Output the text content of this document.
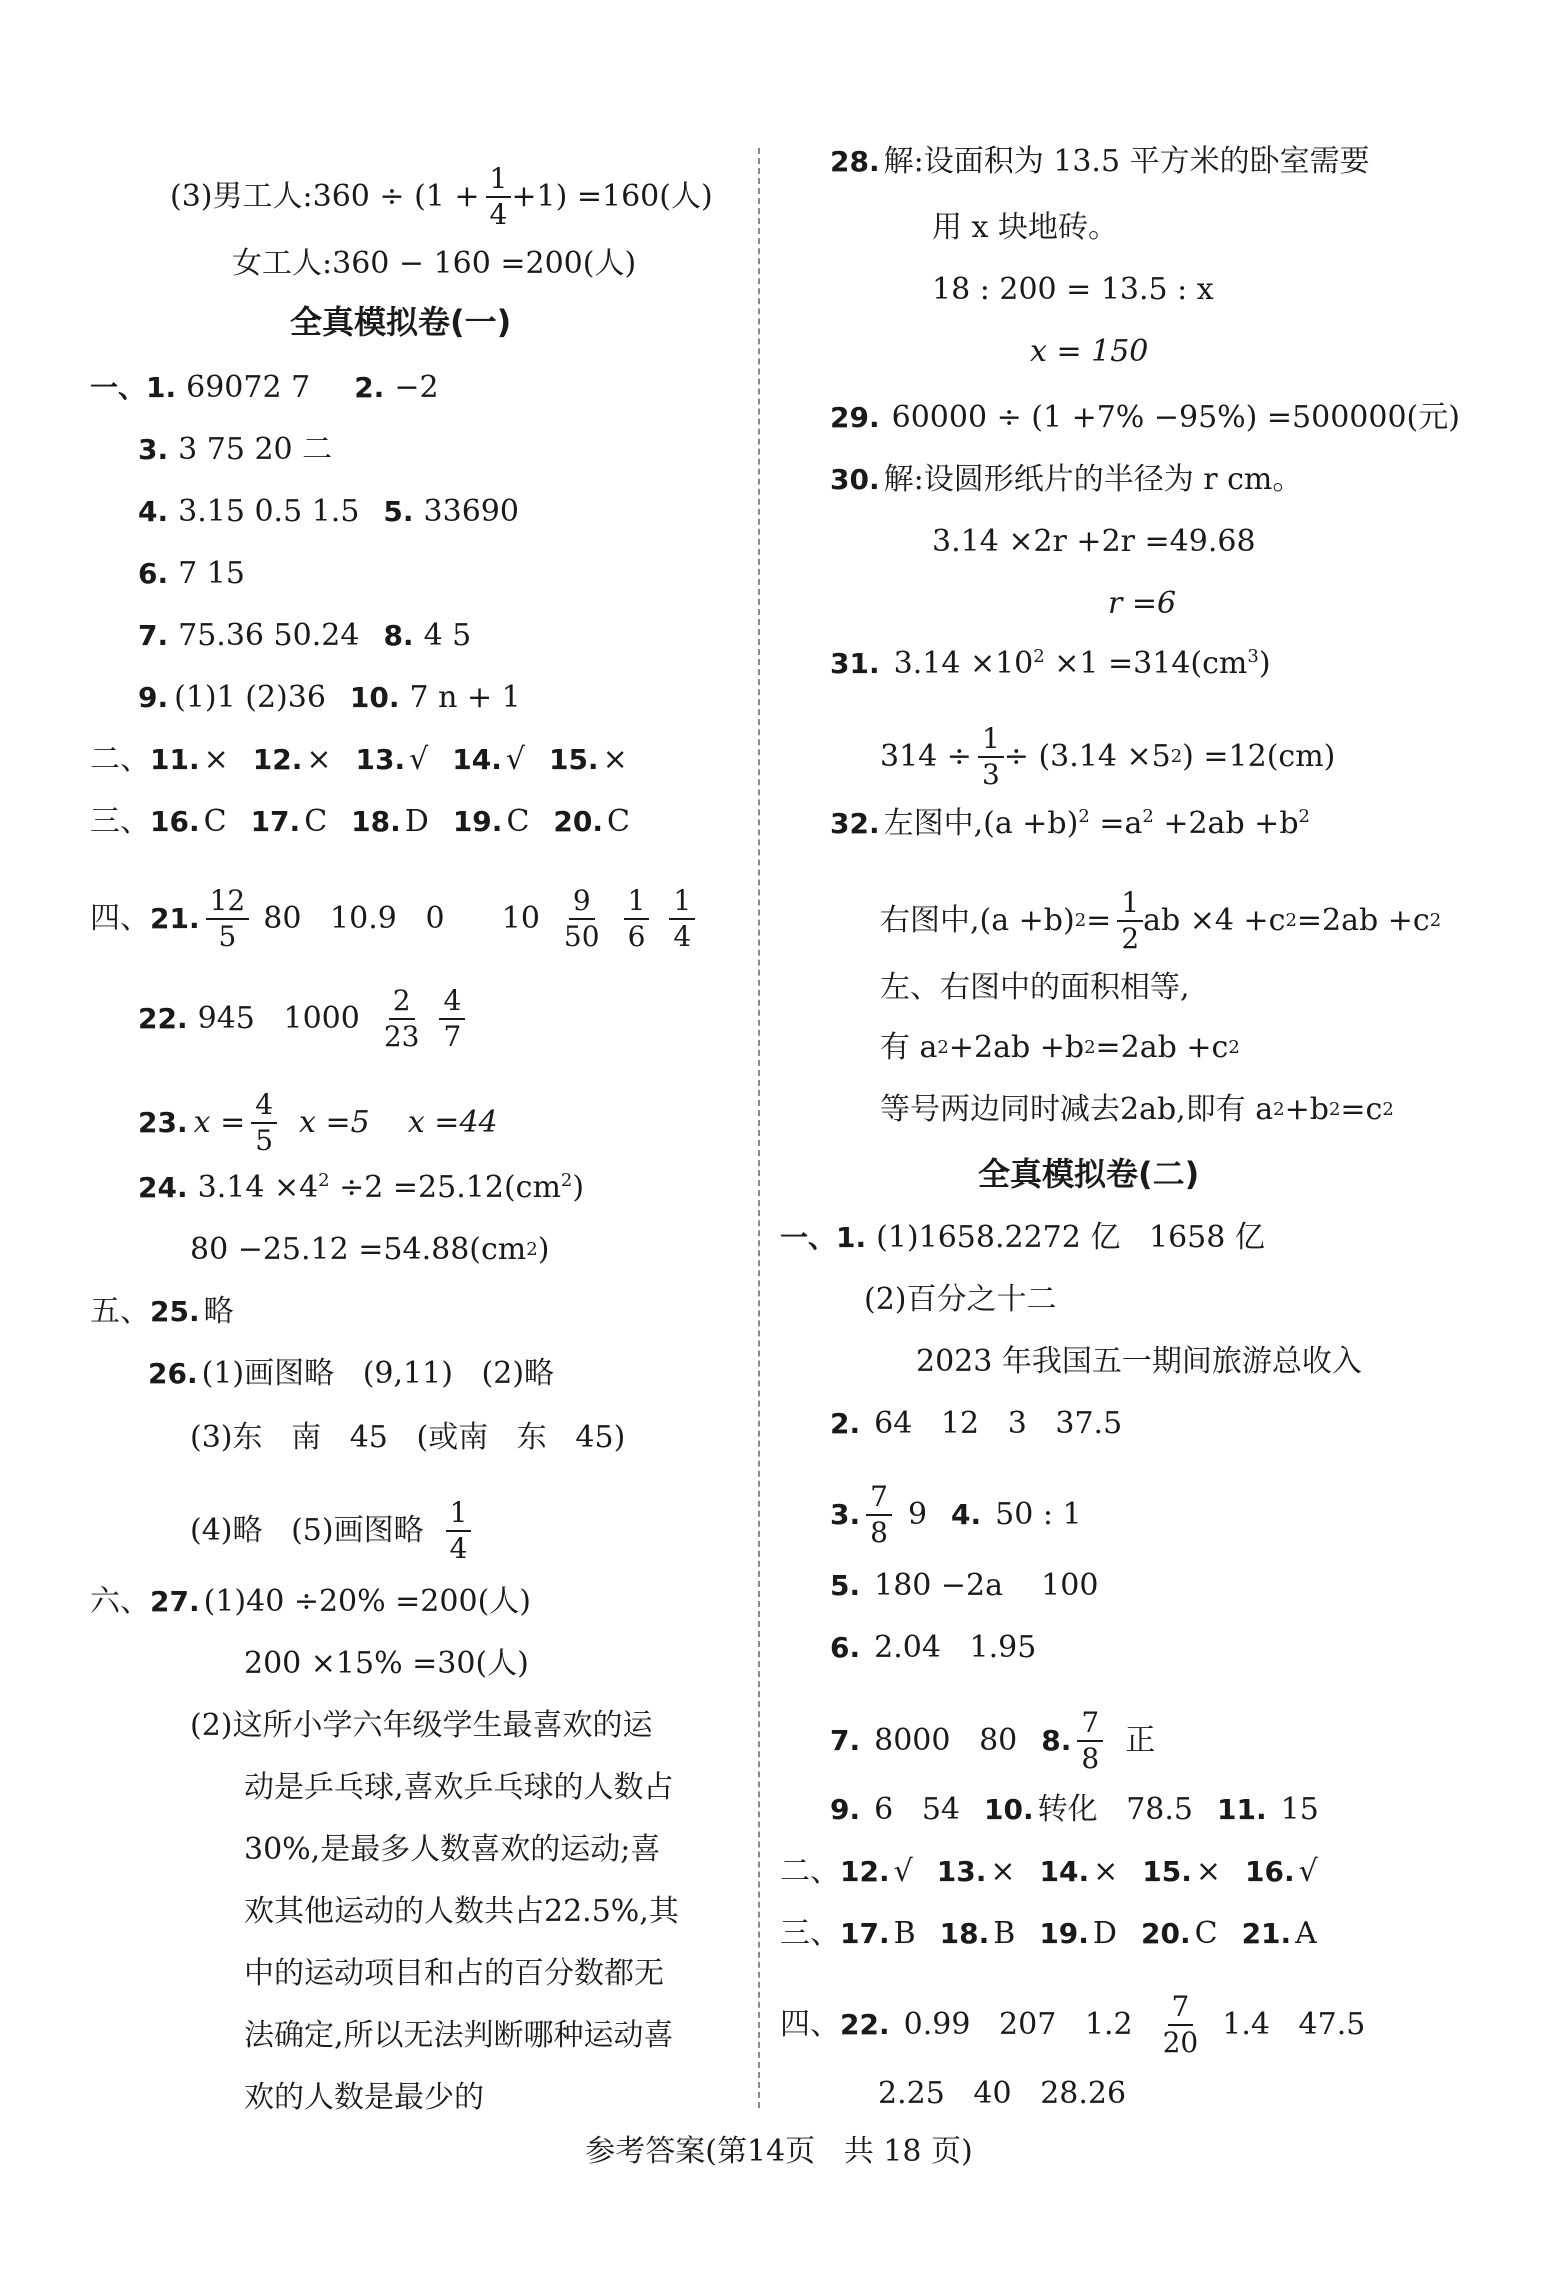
(3)男工人:360 ÷ $(1 + \frac{1}{4} +1) =160$(人)
女工人:360 − 160 =200(人)
全真模拟卷(一)
一、1. 69072 7 2. −2
3. 3 75 20 二
4. 3.15 0.5 1.5 5. 33690
6. 7 15
7. 75.36 50.24 8. 4 5
9. (1)1 (2)36 10. 7 n + 1
二、 11. × 12. × 13. √ 14. √ 15. ×
三、 16. C 17. C 18. D 19. C 20. C
四、 21. $\frac{12}{5} 80$   10.9   0      $10 \frac{9}{50} \frac{1}{6} \frac{1}{4}$
22. 945   $1000 \frac{2}{23} \frac{4}{7}$
23. $x = \frac{4}{5}$ x =5    x =44
24. $3.14 \times 4^2 \div 2 =25.12(cm^2)$
80 −25.12 =54.88(cm 2 )
五、 25. 略
26. (1)画图略   (9,11)   (2)略
(3)东   南   45   (或南   东   45)
(4)略   (5)画图略 $\frac{1}{4}$
六、 27. (1)40 ÷20% =200(人)
200 ×15% =30(人)
(2)这所小学六年级学生最喜欢的运
动是乒乓球,喜欢乒乓球的人数占
30%,是最多人数喜欢的运动;喜
欢其他运动的人数共占22.5%,其
中的运动项目和占的百分数都无
法确定,所以无法判断哪种运动喜
欢的人数是最少的
28. 解:设面积为 13.5 平方米的卧室需要
用 x 块地砖。
18 : 200 = 13.5 : x
x = 150
29. 60000 ÷ (1 +7% −95%) =500000(元)
30. 解:设圆形纸片的半径为 r cm。
3.14 ×2r +2r =49.68
r =6
31. $3.14 \times 10^2 \times 1 =314(cm^3)$
$314 \div \frac{1}{3} \div (3.14 \times 5$ 2 ) =12(cm)
32. 左图中$,(a +b)^2 =a^2 +2ab +b^2$
右图中,(a +b) $2 = \frac{1}{2}$ ab ×4 +c 2 =2ab +c 2
左、右图中的面积相等,
有 a 2 +2ab +b 2 =2ab +c 2
等号两边同时减去2ab,即有 a 2 +b 2 =c 2
全真模拟卷(二)
一、1. (1)1658.2272 亿   1658 亿
(2)百分之十二
2023 年我国五一期间旅游总收入
2. 64   12   3   37.5
3. $\frac{7}{8} 9$ 4. 50 : 1
5. 180 −2a    100
6. 2.04   1.95
7. 8000   80 8. $\frac{7}{8}$ 正
9. 6   54 10. 转化   78.5 11. 15
二、 12. √ 13. × 14. × 15. × 16. √
三、 17. B 18. B 19. D 20. C 21. A
四、 22. 0.99   207   $1.2 \frac{7}{20} 1.4$   47.5
2.25   40   28.26
参考答案(第14页   共 18 页)
